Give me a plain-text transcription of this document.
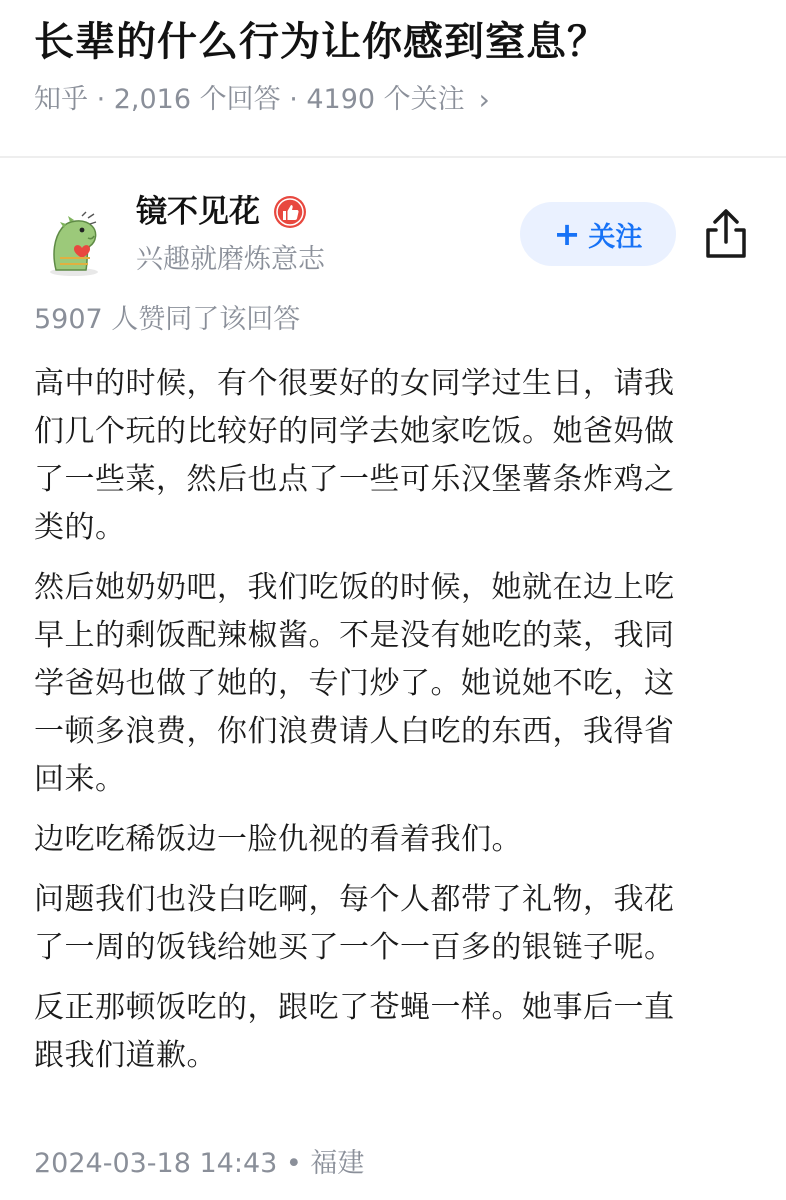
长辈的什么行为让你感到窒息？
知乎 · 2,016 个回答 · 4190 个关注 ›
镜不见花
兴趣就磨炼意志
+ 关注
5907 人赞同了该回答

高中的时候，有个很要好的女同学过生日，请我
们几个玩的比较好的同学去她家吃饭。她爸妈做
了一些菜，然后也点了一些可乐汉堡薯条炸鸡之
类的。

然后她奶奶吧，我们吃饭的时候，她就在边上吃
早上的剩饭配辣椒酱。不是没有她吃的菜，我同
学爸妈也做了她的，专门炒了。她说她不吃，这
一顿多浪费，你们浪费请人白吃的东西，我得省
回来。

边吃吃稀饭边一脸仇视的看着我们。

问题我们也没白吃啊，每个人都带了礼物，我花
了一周的饭钱给她买了一个一百多的银链子呢。

反正那顿饭吃的，跟吃了苍蝇一样。她事后一直
跟我们道歉。

2024-03-18 14:43 • 福建
